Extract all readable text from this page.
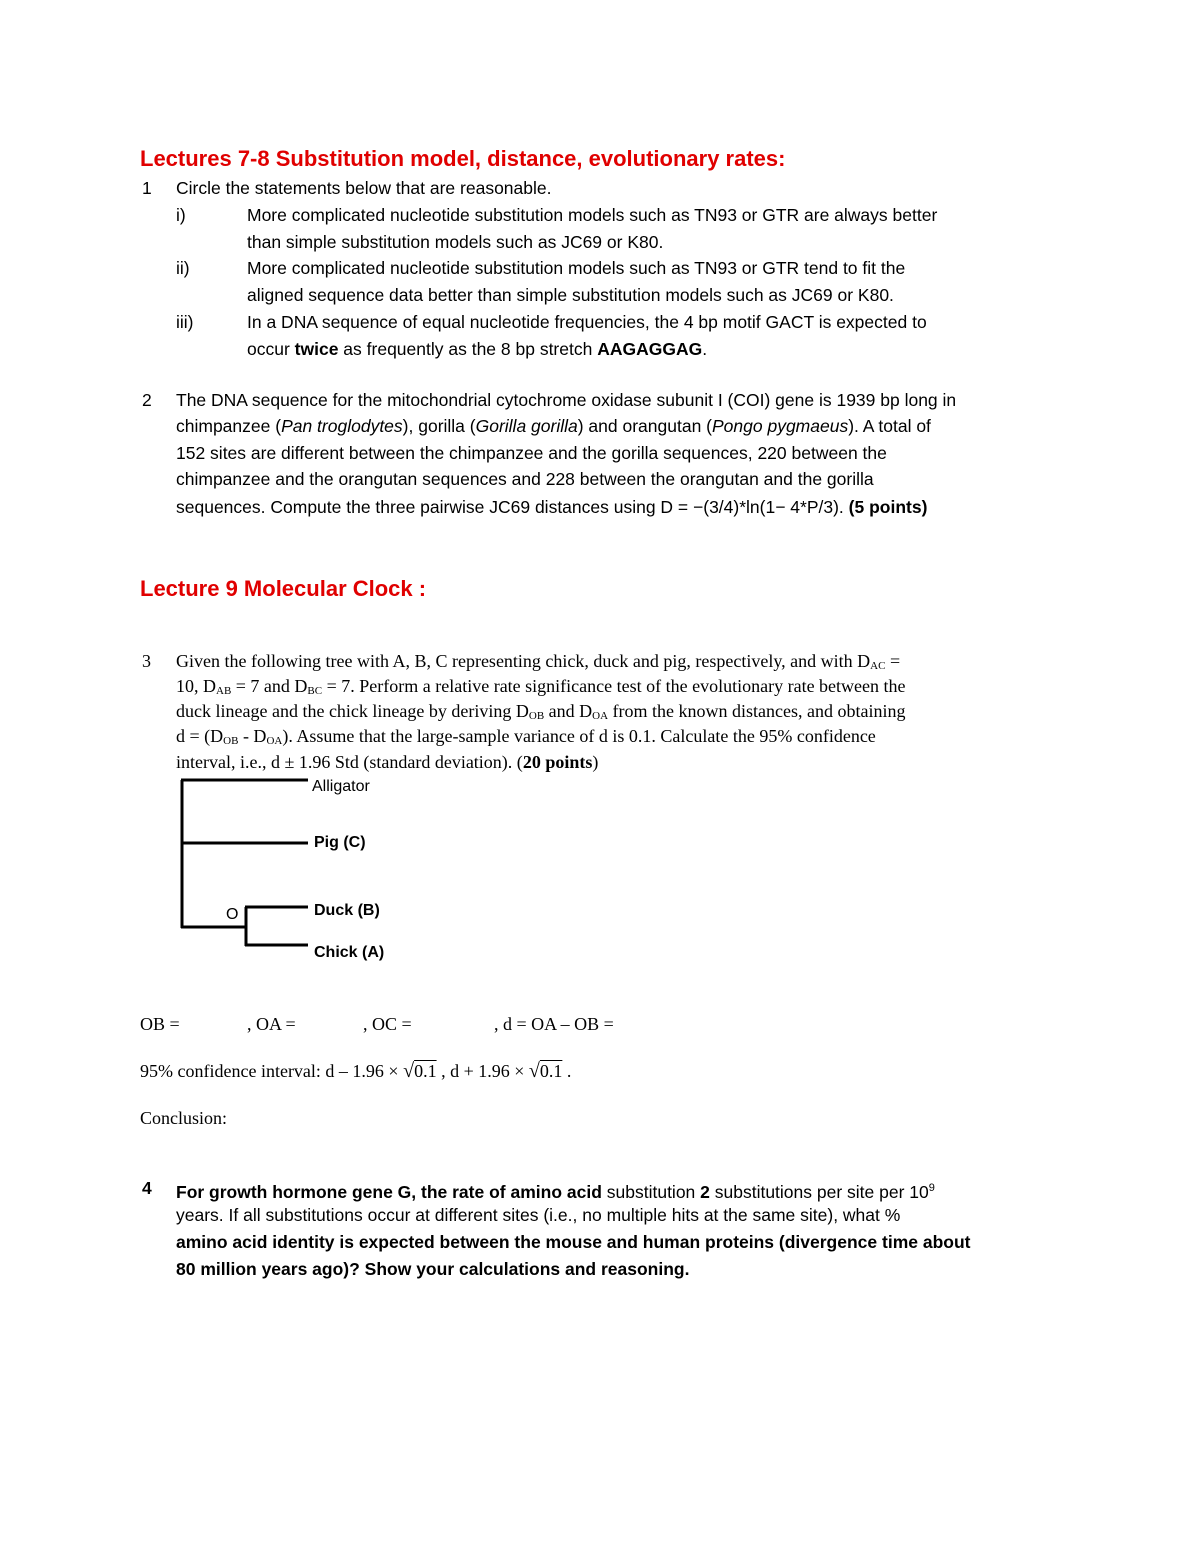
Lectures 7-8 Substitution model, distance, evolutionary rates:
1 Circle the statements below that are reasonable.
i)	More complicated nucleotide substitution models such as TN93 or GTR are always better
than simple substitution models such as JC69 or K80.
ii)	More complicated nucleotide substitution models such as TN93 or GTR tend to fit the
aligned sequence data better than simple substitution models such as JC69 or K80.
iii)	In a DNA sequence of equal nucleotide frequencies, the 4 bp motif GACT is expected to
occur twice as frequently as the 8 bp stretch AAGAGGAG.
2 The DNA sequence for the mitochondrial cytochrome oxidase subunit I (COI) gene is 1939 bp long in
chimpanzee (Pan troglodytes), gorilla (Gorilla gorilla) and orangutan (Pongo pygmaeus). A total of
152 sites are different between the chimpanzee and the gorilla sequences, 220 between the
chimpanzee and the orangutan sequences and 228 between the orangutan and the gorilla
sequences. Compute the three pairwise JC69 distances using D = −(3/4)*ln(1− 4*P/3). (5 points)
Lecture 9 Molecular Clock :
3 Given the following tree with A, B, C representing chick, duck and pig, respectively, and with $D_{AC}$ =
10, $D_{AB} = 7$ and $D_{BC} = 7$. Perform a relative rate significance test of the evolutionary rate between the
duck lineage and the chick lineage by deriving $D_{OB}$ and $D_{OA}$ from the known distances, and obtaining
$d = (D_{OB} - D_{OA})$. Assume that the large-sample variance of d is 0.1. Calculate the 95% confidence
interval, i.e., d ± 1.96 Std (standard deviation). (20 points)
Alligator
Pig (C)
Duck (B)
Chick (A)
O
OB =	, OA =	, OC =	, d = OA – OB =
95% confidence interval: d – 1.96 × √0.1 , d + 1.96 × √0.1 .
Conclusion:
4 For growth hormone gene G, the rate of amino acid substitution 2 substitutions per site per $10^9$
years. If all substitutions occur at different sites (i.e., no multiple hits at the same site), what %
amino acid identity is expected between the mouse and human proteins (divergence time about
80 million years ago)? Show your calculations and reasoning.
